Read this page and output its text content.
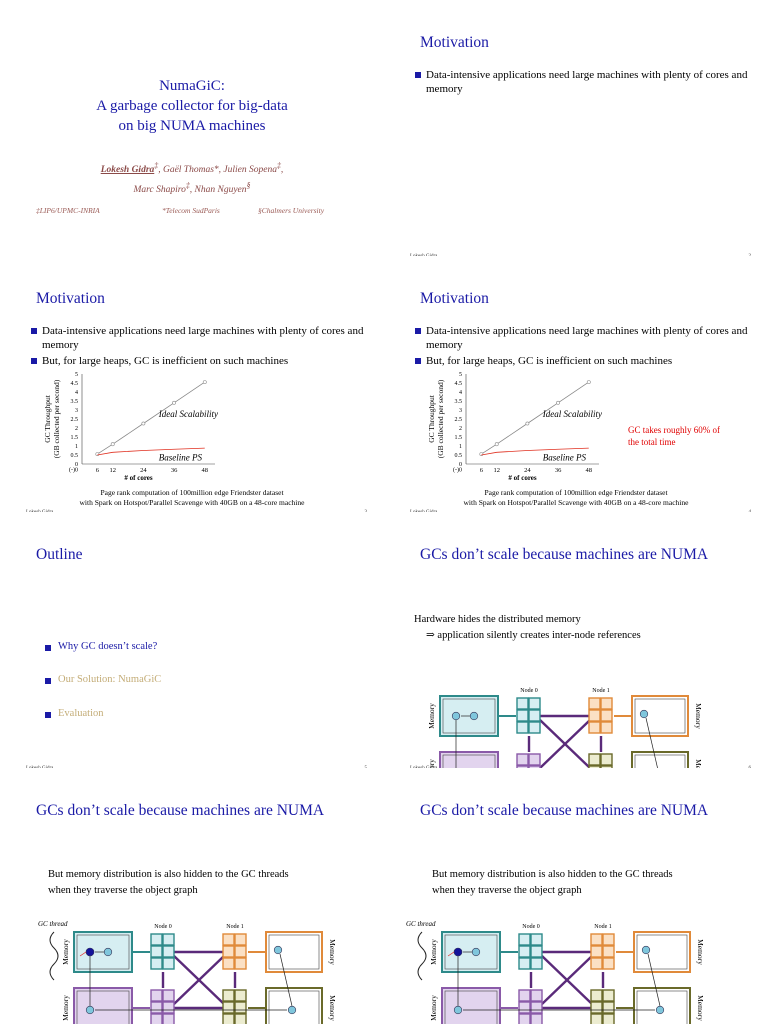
NumaGiC:
A garbage collector for big-data
on big NUMA machines
Lokesh Gidra‡, Gaël Thomas*, Julien Sopena‡,
Marc Shapiro‡, Nhan Nguyen§
‡LIP6/UPMC-INRIA	*Telecom SudParis	§Chalmers University
Motivation
Data-intensive applications need large machines with plenty of cores and memory
Motivation
Data-intensive applications need large machines with plenty of cores and memory
But, for large heaps, GC is inefficient on such machines
5
4.5
4
3.5
3
2.5
2
1.5
1
0.5
0
(-)0	6 12	24	36	48
# of cores
GC Throughput (GB collected per second)	Ideal Scalability
Baseline PS
Page rank computation of 100million edge Friendster dataset
with Spark on Hotspot/Parallel Scavenge with 40GB on a 48-core machine
Motivation
Data-intensive applications need large machines with plenty of cores and memory
But, for large heaps, GC is inefficient on such machines
5
4.5
4
3.5
3
2.5
2
1.5
1
0.5
0
(-)0	6 12	24	36	48
# of cores
GC Throughput (GB collected per second)	Ideal Scalability
Baseline PS
GC takes roughly 60% of the total time
Page rank computation of 100million edge Friendster dataset
with Spark on Hotspot/Parallel Scavenge with 40GB on a 48-core machine
Outline
Why GC doesn’t scale?
Our Solution: NumaGiC
Evaluation
GCs don’t scale because machines are NUMA
Hardware hides the distributed memory
⇒ application silently creates inter-node references
Node 0	Node 1
Memory
Memory
Memory
Memory
GCs don’t scale because machines are NUMA
But memory distribution is also hidden to the GC threads
when they traverse the object graph
Node 0	Node 1
Memory
Memory
Memory
Memory
GC thread
GCs don’t scale because machines are NUMA
But memory distribution is also hidden to the GC threads
when they traverse the object graph
Node 0	Node 1
Memory
Memory
Memory
Memory
GC thread
